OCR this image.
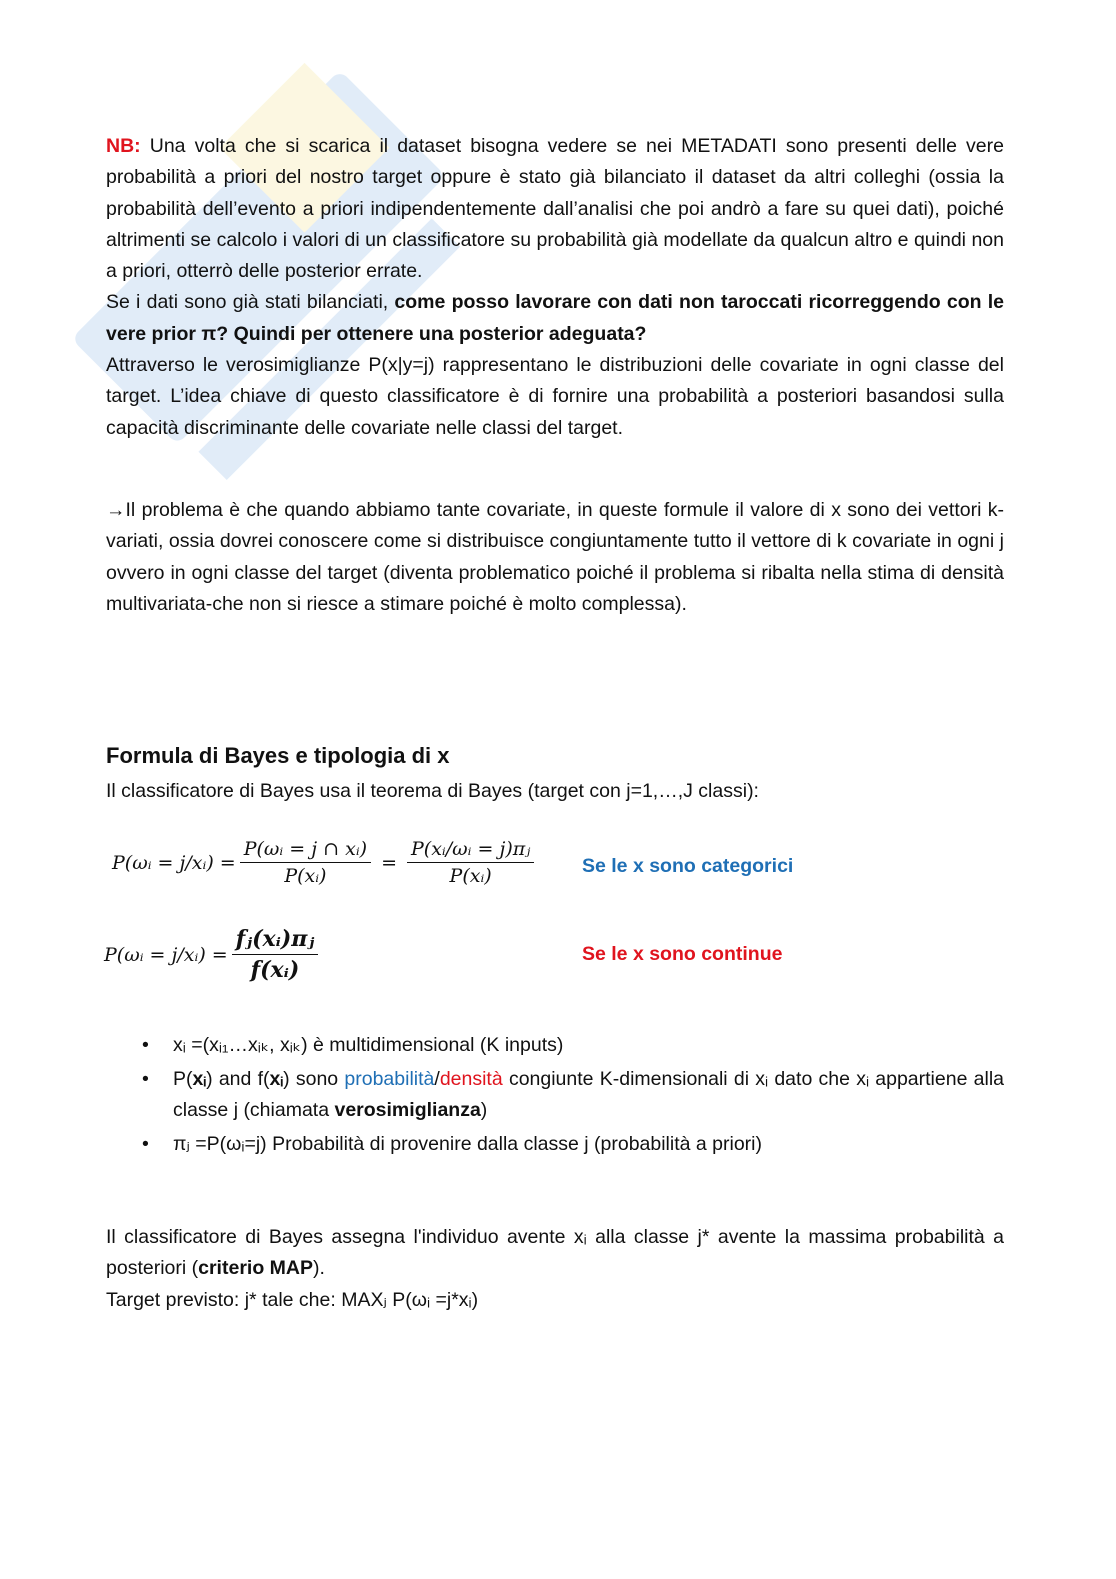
NB: Una volta che si scarica il dataset bisogna vedere se nei METADATI sono presenti delle vere probabilità a priori del nostro target oppure è stato già bilanciato il dataset da altri colleghi (ossia la probabilità dell’evento a priori indipendentemente dall’analisi che poi andrò a fare su quei dati), poiché altrimenti se calcolo i valori di un classificatore su probabilità già modellate da qualcun altro e quindi non a priori, otterrò delle posterior errate.

Se i dati sono già stati bilanciati, come posso lavorare con dati non taroccati ricorreggendo con le vere prior π? Quindi per ottenere una posterior adeguata?

Attraverso le verosimiglianze P(x|y=j) rappresentano le distribuzioni delle covariate in ogni classe del target. L’idea chiave di questo classificatore è di fornire una probabilità a posteriori basandosi sulla capacità discriminante delle covariate nelle classi del target.

→Il problema è che quando abbiamo tante covariate, in queste formule il valore di x sono dei vettori k-variati, ossia dovrei conoscere come si distribuisce congiuntamente tutto il vettore di k covariate in ogni j ovvero in ogni classe del target (diventa problematico poiché il problema si ribalta nella stima di densità multivariata-che non si riesce a stimare poiché è molto complessa).

Formula di Bayes e tipologia di x
Il classificatore di Bayes usa il teorema di Bayes (target con j=1,…,J classi):
P(ωᵢ = j/xᵢ) = $\frac{\text{P(ωᵢ = j ∩ xᵢ)}}{\text{P(xᵢ)}} = \frac{\text{P(xᵢ/ωᵢ = j)πⱼ}}{\text{P(xᵢ)}}$ Se le x sono categorici
P(ωᵢ = j/xᵢ) = $\frac{\text{fⱼ(xᵢ)πⱼ}}{\text{f(xᵢ)}}$	Se le x sono continue
• xᵢ =(xᵢ₁…xᵢₖ, xᵢₖ) è multidimensional (K inputs)
• P(xᵢ) and f(xᵢ) sono probabilità/densità congiunte K-dimensionali di xᵢ dato che xᵢ appartiene alla classe j (chiamata verosimiglianza)
• πⱼ =P(ωᵢ=j) Probabilità di provenire dalla classe j (probabilità a priori)

Il classificatore di Bayes assegna l'individuo avente xᵢ alla classe j* avente la massima probabilità a posteriori (criterio MAP).

Target previsto: j* tale che: MAXⱼ P(ωᵢ =j*xᵢ)
